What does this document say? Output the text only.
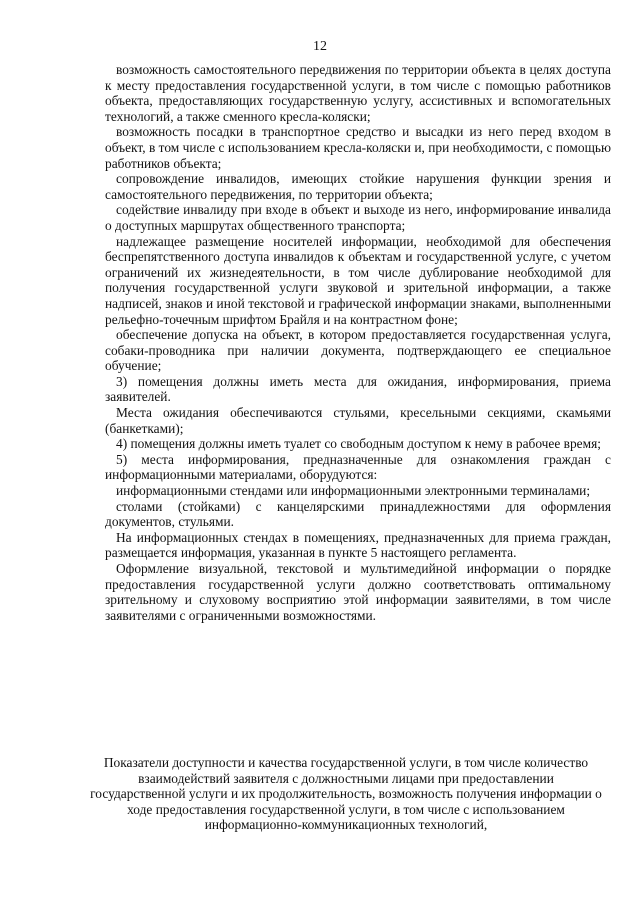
12

возможность самостоятельного передвижения по территории объекта в целях доступа к месту предоставления государственной услуги, в том числе с помощью работников объекта, предоставляющих государственную услугу, ассистивных и вспомогательных технологий, а также сменного кресла-коляски;

возможность посадки в транспортное средство и высадки из него перед входом в объект, в том числе с использованием кресла-коляски и, при необходимости, с помощью работников объекта;

сопровождение инвалидов, имеющих стойкие нарушения функции зрения и самостоятельного передвижения, по территории объекта;

содействие инвалиду при входе в объект и выходе из него, информирование инвалида о доступных маршрутах общественного транспорта;

надлежащее размещение носителей информации, необходимой для обеспечения беспрепятственного доступа инвалидов к объектам и государственной услуге, с учетом ограничений их жизнедеятельности, в том числе дублирование необходимой для получения государственной услуги звуковой и зрительной информации, а также надписей, знаков и иной текстовой и графической информации знаками, выполненными рельефно-точечным шрифтом Брайля и на контрастном фоне;

обеспечение допуска на объект, в котором предоставляется государственная услуга, собаки-проводника при наличии документа, подтверждающего ее специальное обучение;

3) помещения должны иметь места для ожидания, информирования, приема заявителей.

Места ожидания обеспечиваются стульями, кресельными секциями, скамьями (банкетками);

4) помещения должны иметь туалет со свободным доступом к нему в рабочее время;

5) места информирования, предназначенные для ознакомления граждан с информационными материалами, оборудуются:

информационными стендами или информационными электронными терминалами;

столами (стойками) с канцелярскими принадлежностями для оформления документов, стульями.

На информационных стендах в помещениях, предназначенных для приема граждан, размещается информация, указанная в пункте 5 настоящего регламента.

Оформление визуальной, текстовой и мультимедийной информации о порядке предоставления государственной услуги должно соответствовать оптимальному зрительному и слуховому восприятию этой информации заявителями, в том числе заявителями с ограниченными возможностями.

Показатели доступности и качества государственной услуги, в том числе количество взаимодействий заявителя с должностными лицами при предоставлении государственной услуги и их продолжительность, возможность получения информации о ходе предоставления государственной услуги, в том числе с использованием информационно-коммуникационных технологий,
